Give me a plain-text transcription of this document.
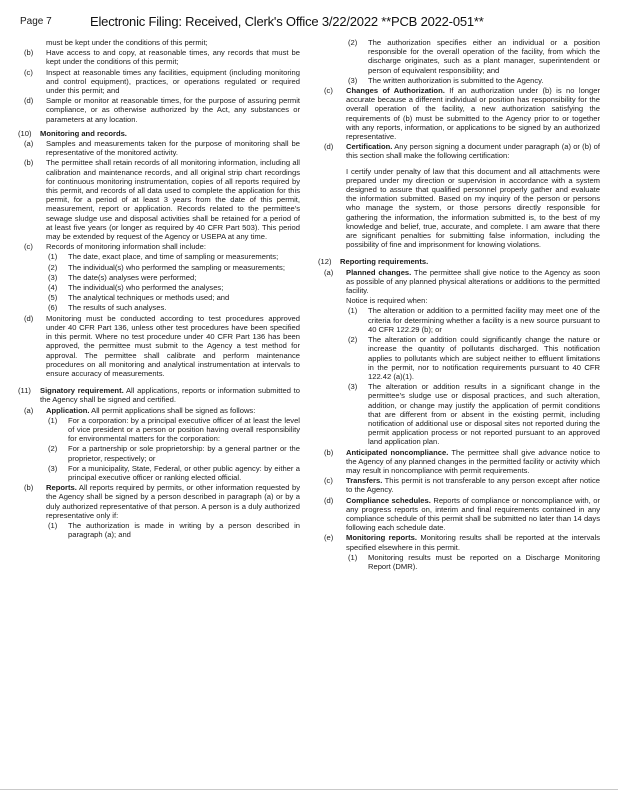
Page 7	Electronic Filing: Received, Clerk's Office 3/22/2022 **PCB 2022-051**
must be kept under the conditions of this permit;
(b) Have access to and copy, at reasonable times, any records that must be kept under the conditions of this permit;
(c) Inspect at reasonable times any facilities, equipment (including monitoring and control equipment), practices, or operations regulated or required under this permit; and
(d) Sample or monitor at reasonable times, for the purpose of assuring permit compliance, or as otherwise authorized by the Act, any substances or parameters at any location.
(10) Monitoring and records.
(a) Samples and measurements taken for the purpose of monitoring shall be representative of the monitored activity.
(b) The permittee shall retain records of all monitoring information, including all calibration and maintenance records, and all original strip chart recordings for continuous monitoring instrumentation, copies of all reports required by this permit, and records of all data used to complete the application for this permit, for a period of at least 3 years from the date of this permit, measurement, report or application. Records related to the permittee's sewage sludge use and disposal activities shall be retained for a period of at least five years (or longer as required by 40 CFR Part 503). This period may be extended by request of the Agency or USEPA at any time.
(c) Records of monitoring information shall include:
(1) The date, exact place, and time of sampling or measurements;
(2) The individual(s) who performed the sampling or measurements;
(3) The date(s) analyses were performed;
(4) The individual(s) who performed the analyses;
(5) The analytical techniques or methods used; and
(6) The results of such analyses.
(d) Monitoring must be conducted according to test procedures approved under 40 CFR Part 136, unless other test procedures have been specified in this permit. Where no test procedure under 40 CFR Part 136 has been approved, the permittee must submit to the Agency a test method for approval. The permittee shall calibrate and perform maintenance procedures on all monitoring and analytical instrumentation at intervals to ensure accuracy of measurements.
(11) Signatory requirement. All applications, reports or information submitted to the Agency shall be signed and certified.
(a) Application. All permit applications shall be signed as follows:
(1) For a corporation: by a principal executive officer of at least the level of vice president or a person or position having overall responsibility for environmental matters for the corporation:
(2) For a partnership or sole proprietorship: by a general partner or the proprietor, respectively; or
(3) For a municipality, State, Federal, or other public agency: by either a principal executive officer or ranking elected official.
(b) Reports. All reports required by permits, or other information requested by the Agency shall be signed by a person described in paragraph (a) or by a duly authorized representative of that person. A person is a duly authorized representative only if:
(1) The authorization is made in writing by a person described in paragraph (a); and
(2) The authorization specifies either an individual or a position responsible for the overall operation of the facility, from which the discharge originates, such as a plant manager, superintendent or person of equivalent responsibility; and
(3) The written authorization is submitted to the Agency.
(c) Changes of Authorization. If an authorization under (b) is no longer accurate because a different individual or position has responsibility for the overall operation of the facility, a new authorization satisfying the requirements of (b) must be submitted to the Agency prior to or together with any reports, information, or applications to be signed by an authorized representative.
(d) Certification. Any person signing a document under paragraph (a) or (b) of this section shall make the following certification:
I certify under penalty of law that this document and all attachments were prepared under my direction or supervision in accordance with a system designed to assure that qualified personnel properly gather and evaluate the information submitted. Based on my inquiry of the person or persons who manage the system, or those persons directly responsible for gathering the information, the information submitted is, to the best of my knowledge and belief, true, accurate, and complete. I am aware that there are significant penalties for submitting false information, including the possibility of fine and imprisonment for knowing violations.
(12) Reporting requirements.
(a) Planned changes. The permittee shall give notice to the Agency as soon as possible of any planned physical alterations or additions to the permitted facility.
Notice is required when:
(1) The alteration or addition to a permitted facility may meet one of the criteria for determining whether a facility is a new source pursuant to 40 CFR 122.29 (b); or
(2) The alteration or addition could significantly change the nature or increase the quantity of pollutants discharged. This notification applies to pollutants which are subject neither to effluent limitations in the permit, nor to notification requirements pursuant to 40 CFR 122.42 (a)(1).
(3) The alteration or addition results in a significant change in the permittee's sludge use or disposal practices, and such alteration, addition, or change may justify the application of permit conditions that are different from or absent in the existing permit, including notification of additional use or disposal sites not reported during the permit application process or not reported pursuant to an approved land application plan.
(b) Anticipated noncompliance. The permittee shall give advance notice to the Agency of any planned changes in the permitted facility or activity which may result in noncompliance with permit requirements.
(c) Transfers. This permit is not transferable to any person except after notice to the Agency.
(d) Compliance schedules. Reports of compliance or noncompliance with, or any progress reports on, interim and final requirements contained in any compliance schedule of this permit shall be submitted no later than 14 days following each schedule date.
(e) Monitoring reports. Monitoring results shall be reported at the intervals specified elsewhere in this permit.
(1) Monitoring results must be reported on a Discharge Monitoring Report (DMR).
